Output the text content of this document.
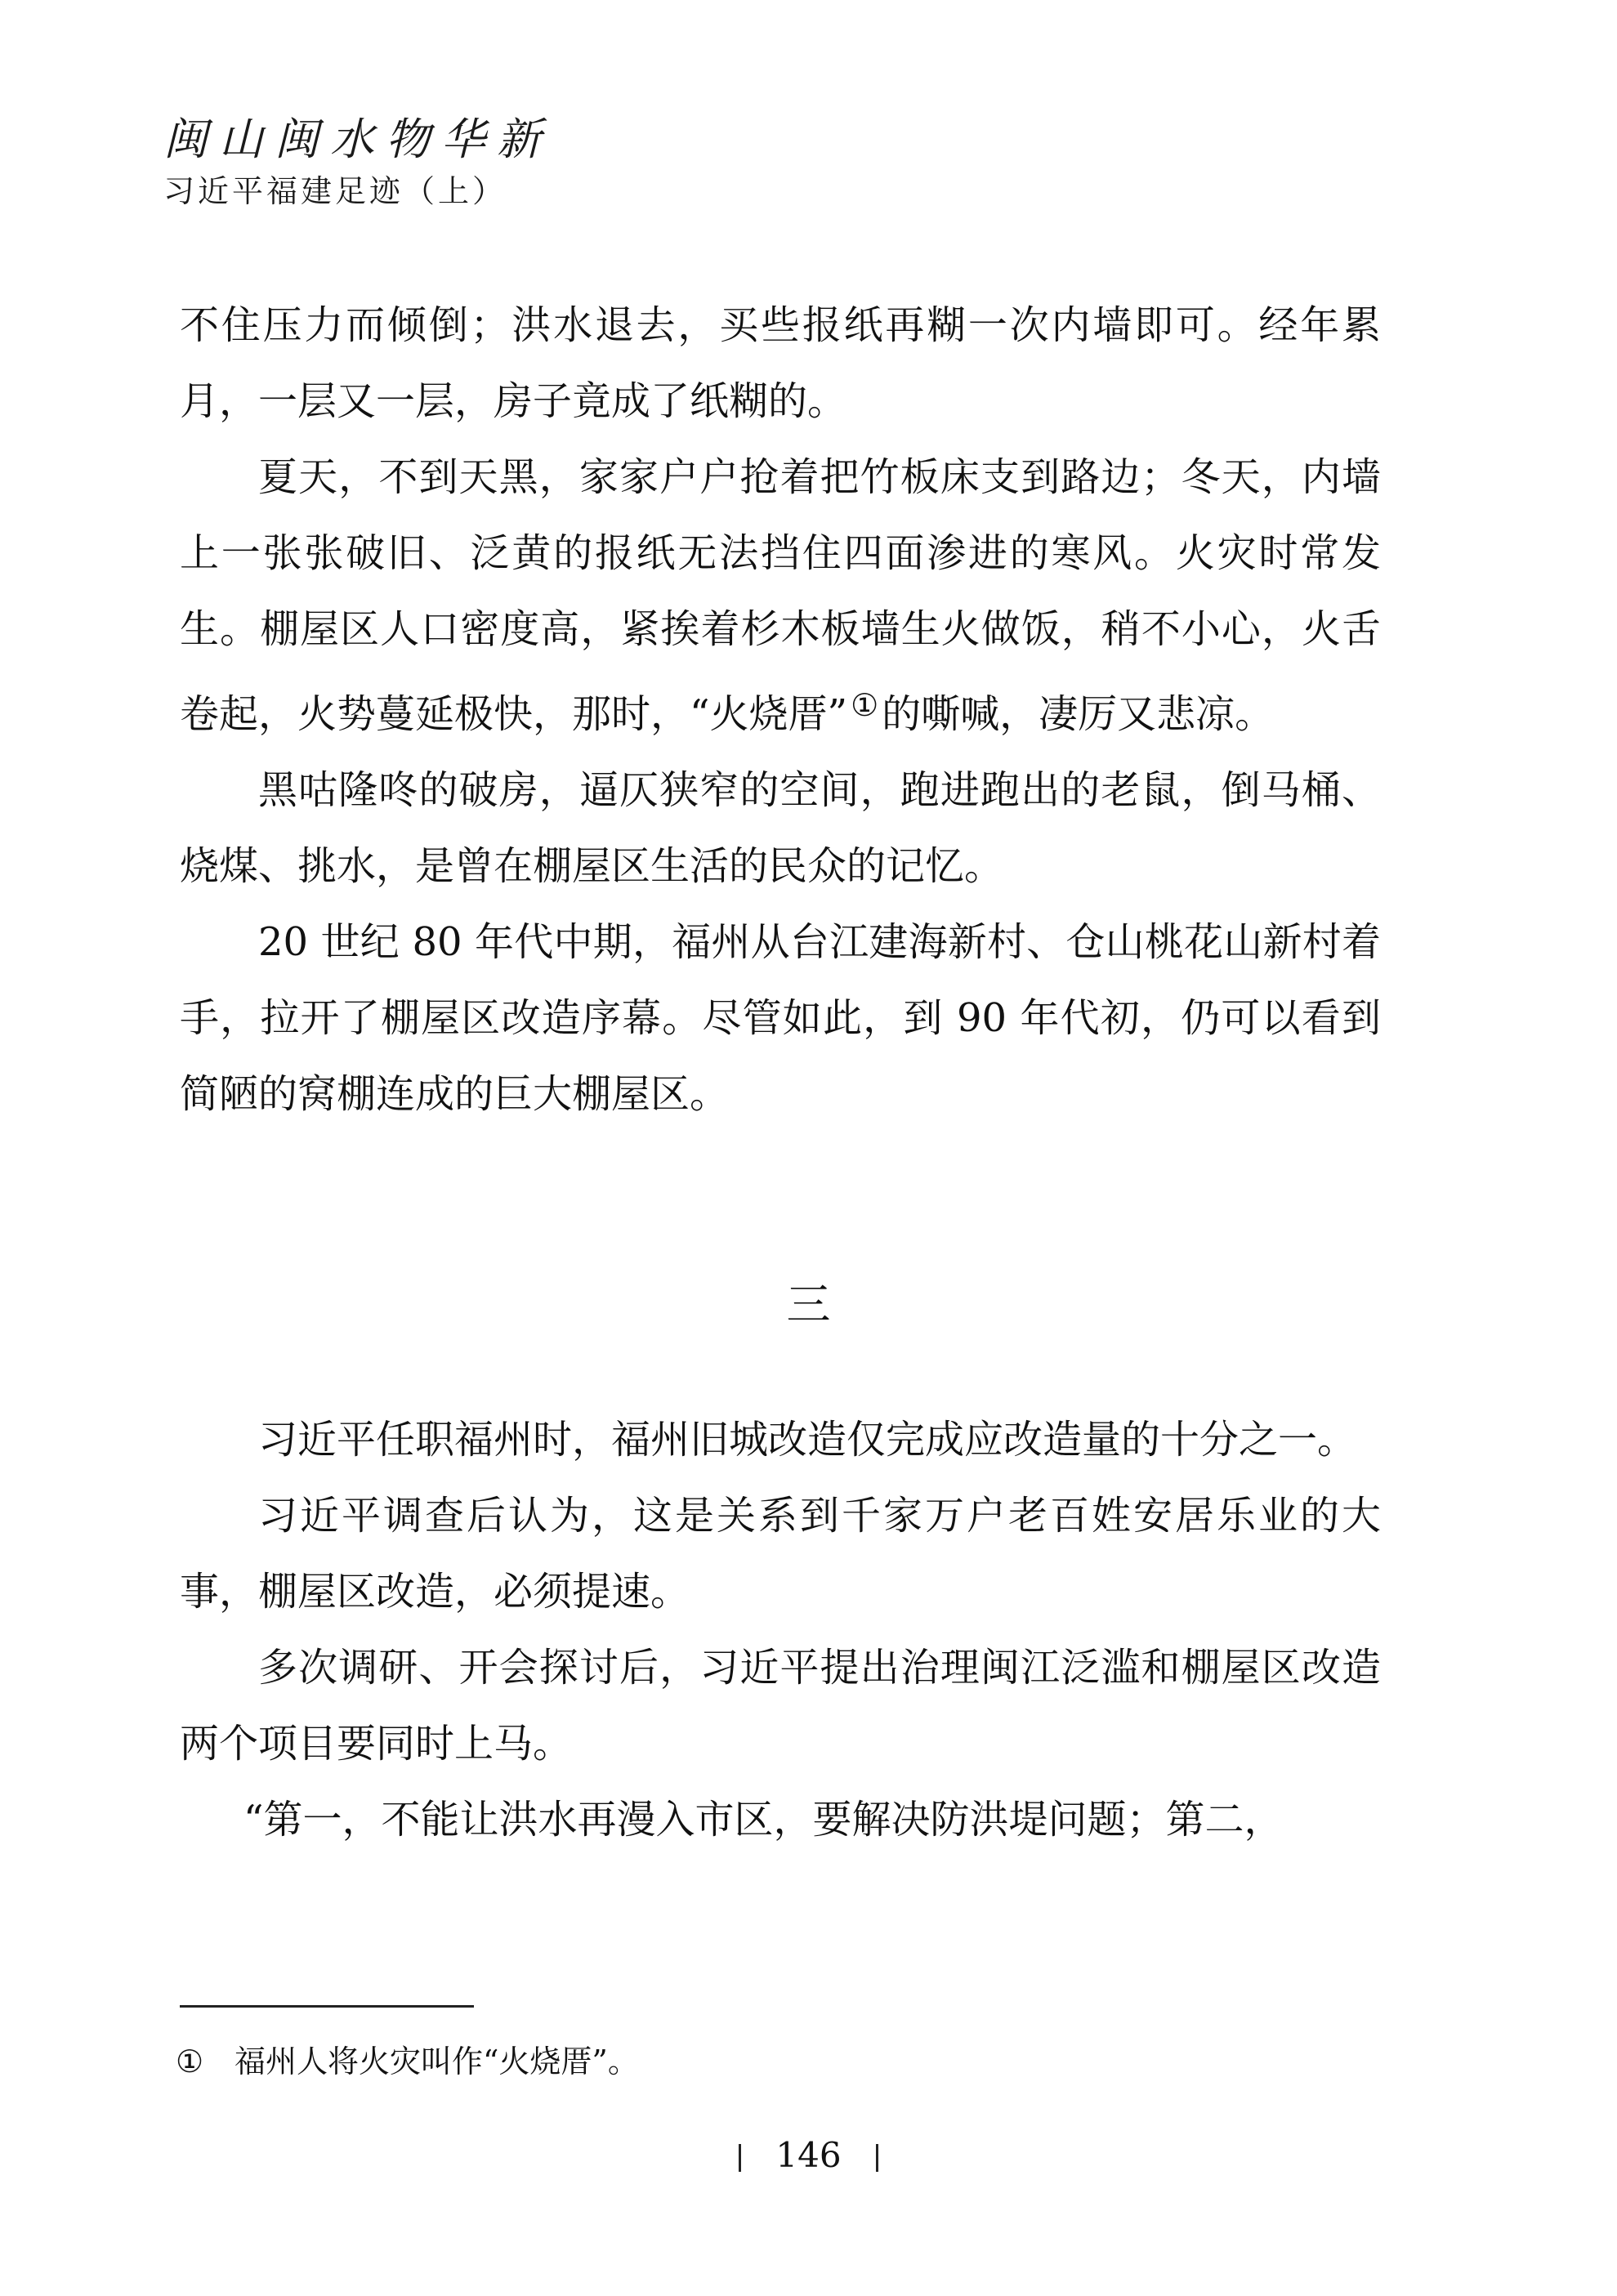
闽山闽水物华新
习近平福建足迹（上）

不住压力而倾倒；洪水退去，买些报纸再糊一次内墙即可。经年累月，一层又一层，房子竟成了纸糊的。

夏天，不到天黑，家家户户抢着把竹板床支到路边；冬天，内墙上一张张破旧、泛黄的报纸无法挡住四面渗进的寒风。火灾时常发生。棚屋区人口密度高，紧挨着杉木板墙生火做饭，稍不小心，火舌卷起，火势蔓延极快，那时，“火烧厝” ①的嘶喊，凄厉又悲凉。

黑咕隆咚的破房，逼仄狭窄的空间，跑进跑出的老鼠，倒马桶、烧煤、挑水，是曾在棚屋区生活的民众的记忆。

20 世纪 80 年代中期，福州从台江建海新村、仓山桃花山新村着手，拉开了棚屋区改造序幕。尽管如此，到 90 年代初，仍可以看到简陋的窝棚连成的巨大棚屋区。

三

习近平任职福州时，福州旧城改造仅完成应改造量的十分之一。

习近平调查后认为，这是关系到千家万户老百姓安居乐业的大事，棚屋区改造，必须提速。

多次调研、开会探讨后，习近平提出治理闽江泛滥和棚屋区改造两个项目要同时上马。

“第一，不能让洪水再漫入市区，要解决防洪堤问题；第二，

① 福州人将火灾叫作“火烧厝”。
146
